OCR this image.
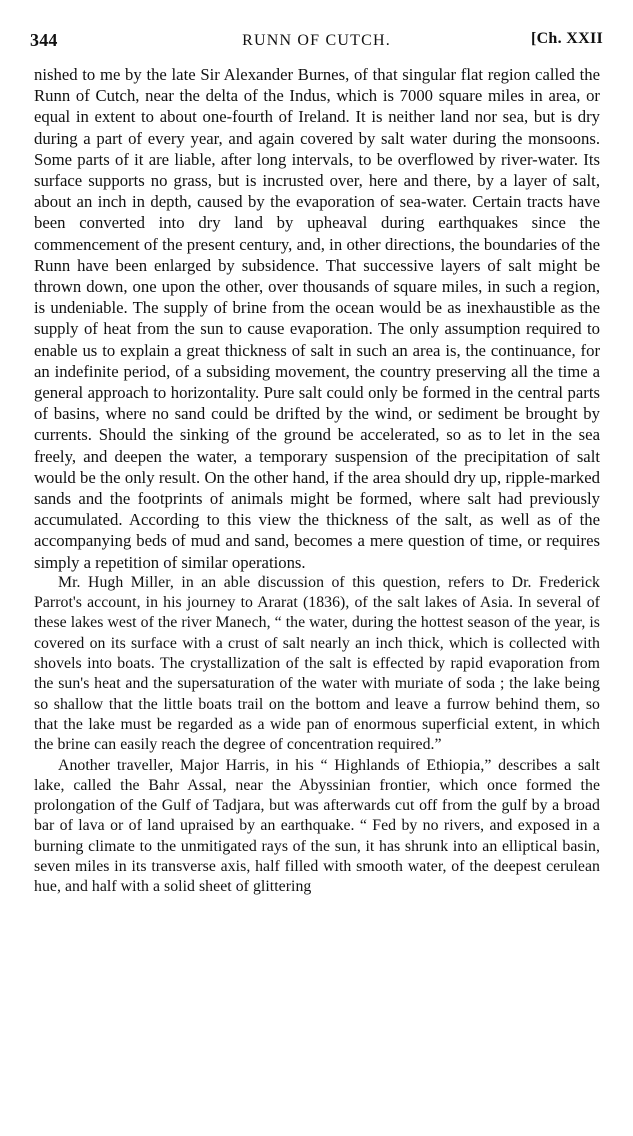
344	RUNN OF CUTCH.	[Ch. XXII

nished to me by the late Sir Alexander Burnes, of that singular flat region called the Runn of Cutch, near the delta of the Indus, which is 7000 square miles in area, or equal in extent to about one-fourth of Ireland. It is neither land nor sea, but is dry during a part of every year, and again covered by salt water during the monsoons. Some parts of it are liable, after long intervals, to be overflowed by river-water. Its surface supports no grass, but is incrusted over, here and there, by a layer of salt, about an inch in depth, caused by the evaporation of sea-water. Certain tracts have been converted into dry land by upheaval during earthquakes since the commencement of the present century, and, in other directions, the boundaries of the Runn have been enlarged by subsidence. That successive layers of salt might be thrown down, one upon the other, over thousands of square miles, in such a region, is undeniable. The supply of brine from the ocean would be as inexhaustible as the supply of heat from the sun to cause evaporation. The only assumption required to enable us to explain a great thickness of salt in such an area is, the continuance, for an indefinite period, of a subsiding movement, the country preserving all the time a general approach to horizontality. Pure salt could only be formed in the central parts of basins, where no sand could be drifted by the wind, or sediment be brought by currents. Should the sinking of the ground be accelerated, so as to let in the sea freely, and deepen the water, a temporary suspension of the precipitation of salt would be the only result. On the other hand, if the area should dry up, ripple-marked sands and the footprints of animals might be formed, where salt had previously accumulated. According to this view the thickness of the salt, as well as of the accompanying beds of mud and sand, becomes a mere question of time, or requires simply a repetition of similar operations.

Mr. Hugh Miller, in an able discussion of this question, refers to Dr. Frederick Parrot's account, in his journey to Ararat (1836), of the salt lakes of Asia. In several of these lakes west of the river Manech, “ the water, during the hottest season of the year, is covered on its surface with a crust of salt nearly an inch thick, which is collected with shovels into boats. The crystallization of the salt is effected by rapid evaporation from the sun's heat and the supersaturation of the water with muriate of soda ; the lake being so shallow that the little boats trail on the bottom and leave a furrow behind them, so that the lake must be regarded as a wide pan of enormous superficial extent, in which the brine can easily reach the degree of concentration required.”

Another traveller, Major Harris, in his “ Highlands of Ethiopia,” describes a salt lake, called the Bahr Assal, near the Abyssinian frontier, which once formed the prolongation of the Gulf of Tadjara, but was afterwards cut off from the gulf by a broad bar of lava or of land upraised by an earthquake. “ Fed by no rivers, and exposed in a burning climate to the unmitigated rays of the sun, it has shrunk into an elliptical basin, seven miles in its transverse axis, half filled with smooth water, of the deepest cerulean hue, and half with a solid sheet of glittering
